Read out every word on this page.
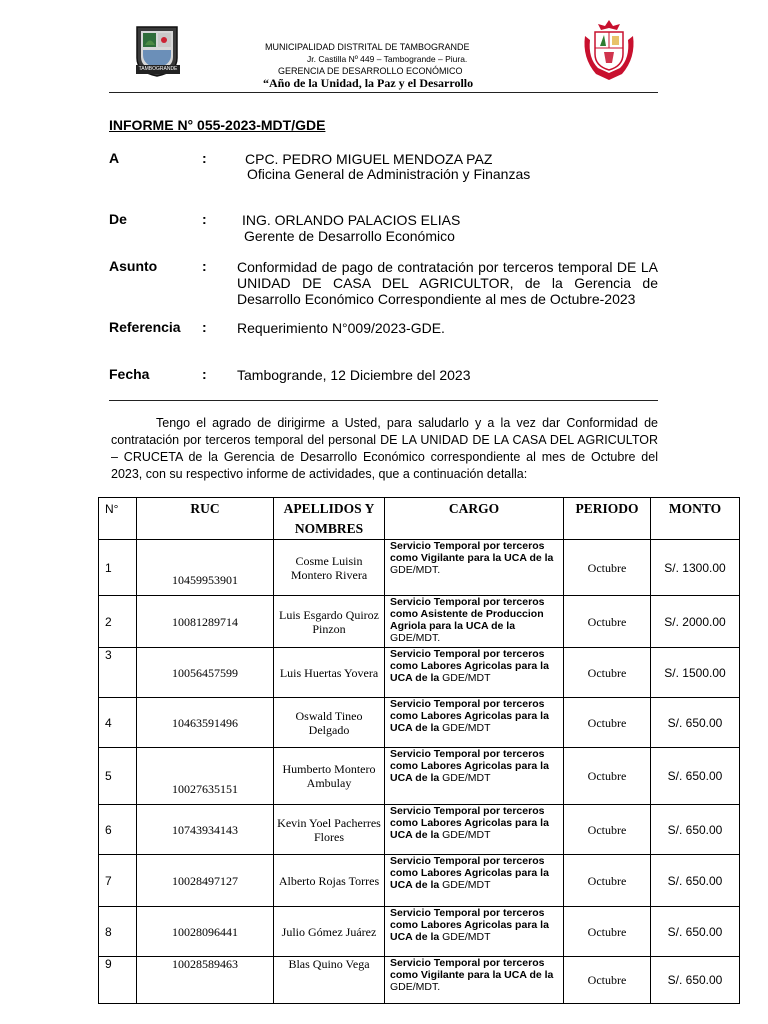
TAMBOGRANDE
MUNICIPALIDAD DISTRITAL DE TAMBOGRANDE
Jr. Castilla Nº 449 – Tambogrande – Piura.
GERENCIA DE DESARROLLO ECONÓMICO
“Año de la Unidad, la Paz y el Desarrollo
INFORME N° 055-2023-MDT/GDE
A	:	CPC. PEDRO MIGUEL MENDOZA PAZ
Oficina General de Administración y Finanzas
De	:	ING. ORLANDO PALACIOS ELIAS
Gerente de Desarrollo Económico
Asunto	: Conformidad de pago de contratación por terceros temporal DE LA UNIDAD DE CASA DEL AGRICULTOR, de la Gerencia de Desarrollo Económico Correspondiente al mes de Octubre-2023
Referencia : Requerimiento N°009/2023-GDE.
Fecha	: Tambogrande, 12 Diciembre del 2023
Tengo el agrado de dirigirme a Usted, para saludarlo y a la vez dar Conformidad de contratación por terceros temporal del personal DE LA UNIDAD DE LA CASA DEL AGRICULTOR – CRUCETA de la Gerencia de Desarrollo Económico correspondiente al mes de Octubre del 2023, con su respectivo informe de actividades, que a continuación detalla:
N°	RUC	APELLIDOS Y NOMBRES	CARGO	PERIODO	MONTO
1	10459953901	Cosme Luisin Montero Rivera	Servicio Temporal por terceros como Vigilante para la UCA de la GDE/MDT.	Octubre	S/. 1300.00
2	10081289714	Luis Esgardo Quiroz Pinzon	Servicio Temporal por terceros como Asistente de Produccion Agriola para la UCA de la GDE/MDT.	Octubre	S/. 2000.00
3	10056457599	Luis Huertas Yovera	Servicio Temporal por terceros como Labores Agricolas para la UCA de la GDE/MDT	Octubre	S/. 1500.00
4	10463591496	Oswald Tineo Delgado	Servicio Temporal por terceros como Labores Agricolas para la UCA de la GDE/MDT	Octubre	S/. 650.00
5	10027635151	Humberto Montero Ambulay	Servicio Temporal por terceros como Labores Agricolas para la UCA de la GDE/MDT	Octubre	S/. 650.00
6	10743934143	Kevin Yoel Pacherres Flores	Servicio Temporal por terceros como Labores Agricolas para la UCA de la GDE/MDT	Octubre	S/. 650.00
7	10028497127	Alberto Rojas Torres	Servicio Temporal por terceros como Labores Agricolas para la UCA de la GDE/MDT	Octubre	S/. 650.00
8	10028096441	Julio Gómez Juárez	Servicio Temporal por terceros como Labores Agricolas para la UCA de la GDE/MDT	Octubre	S/. 650.00
9	10028589463	Blas Quino Vega	Servicio Temporal por terceros como Vigilante para la UCA de la GDE/MDT.	Octubre	S/. 650.00
